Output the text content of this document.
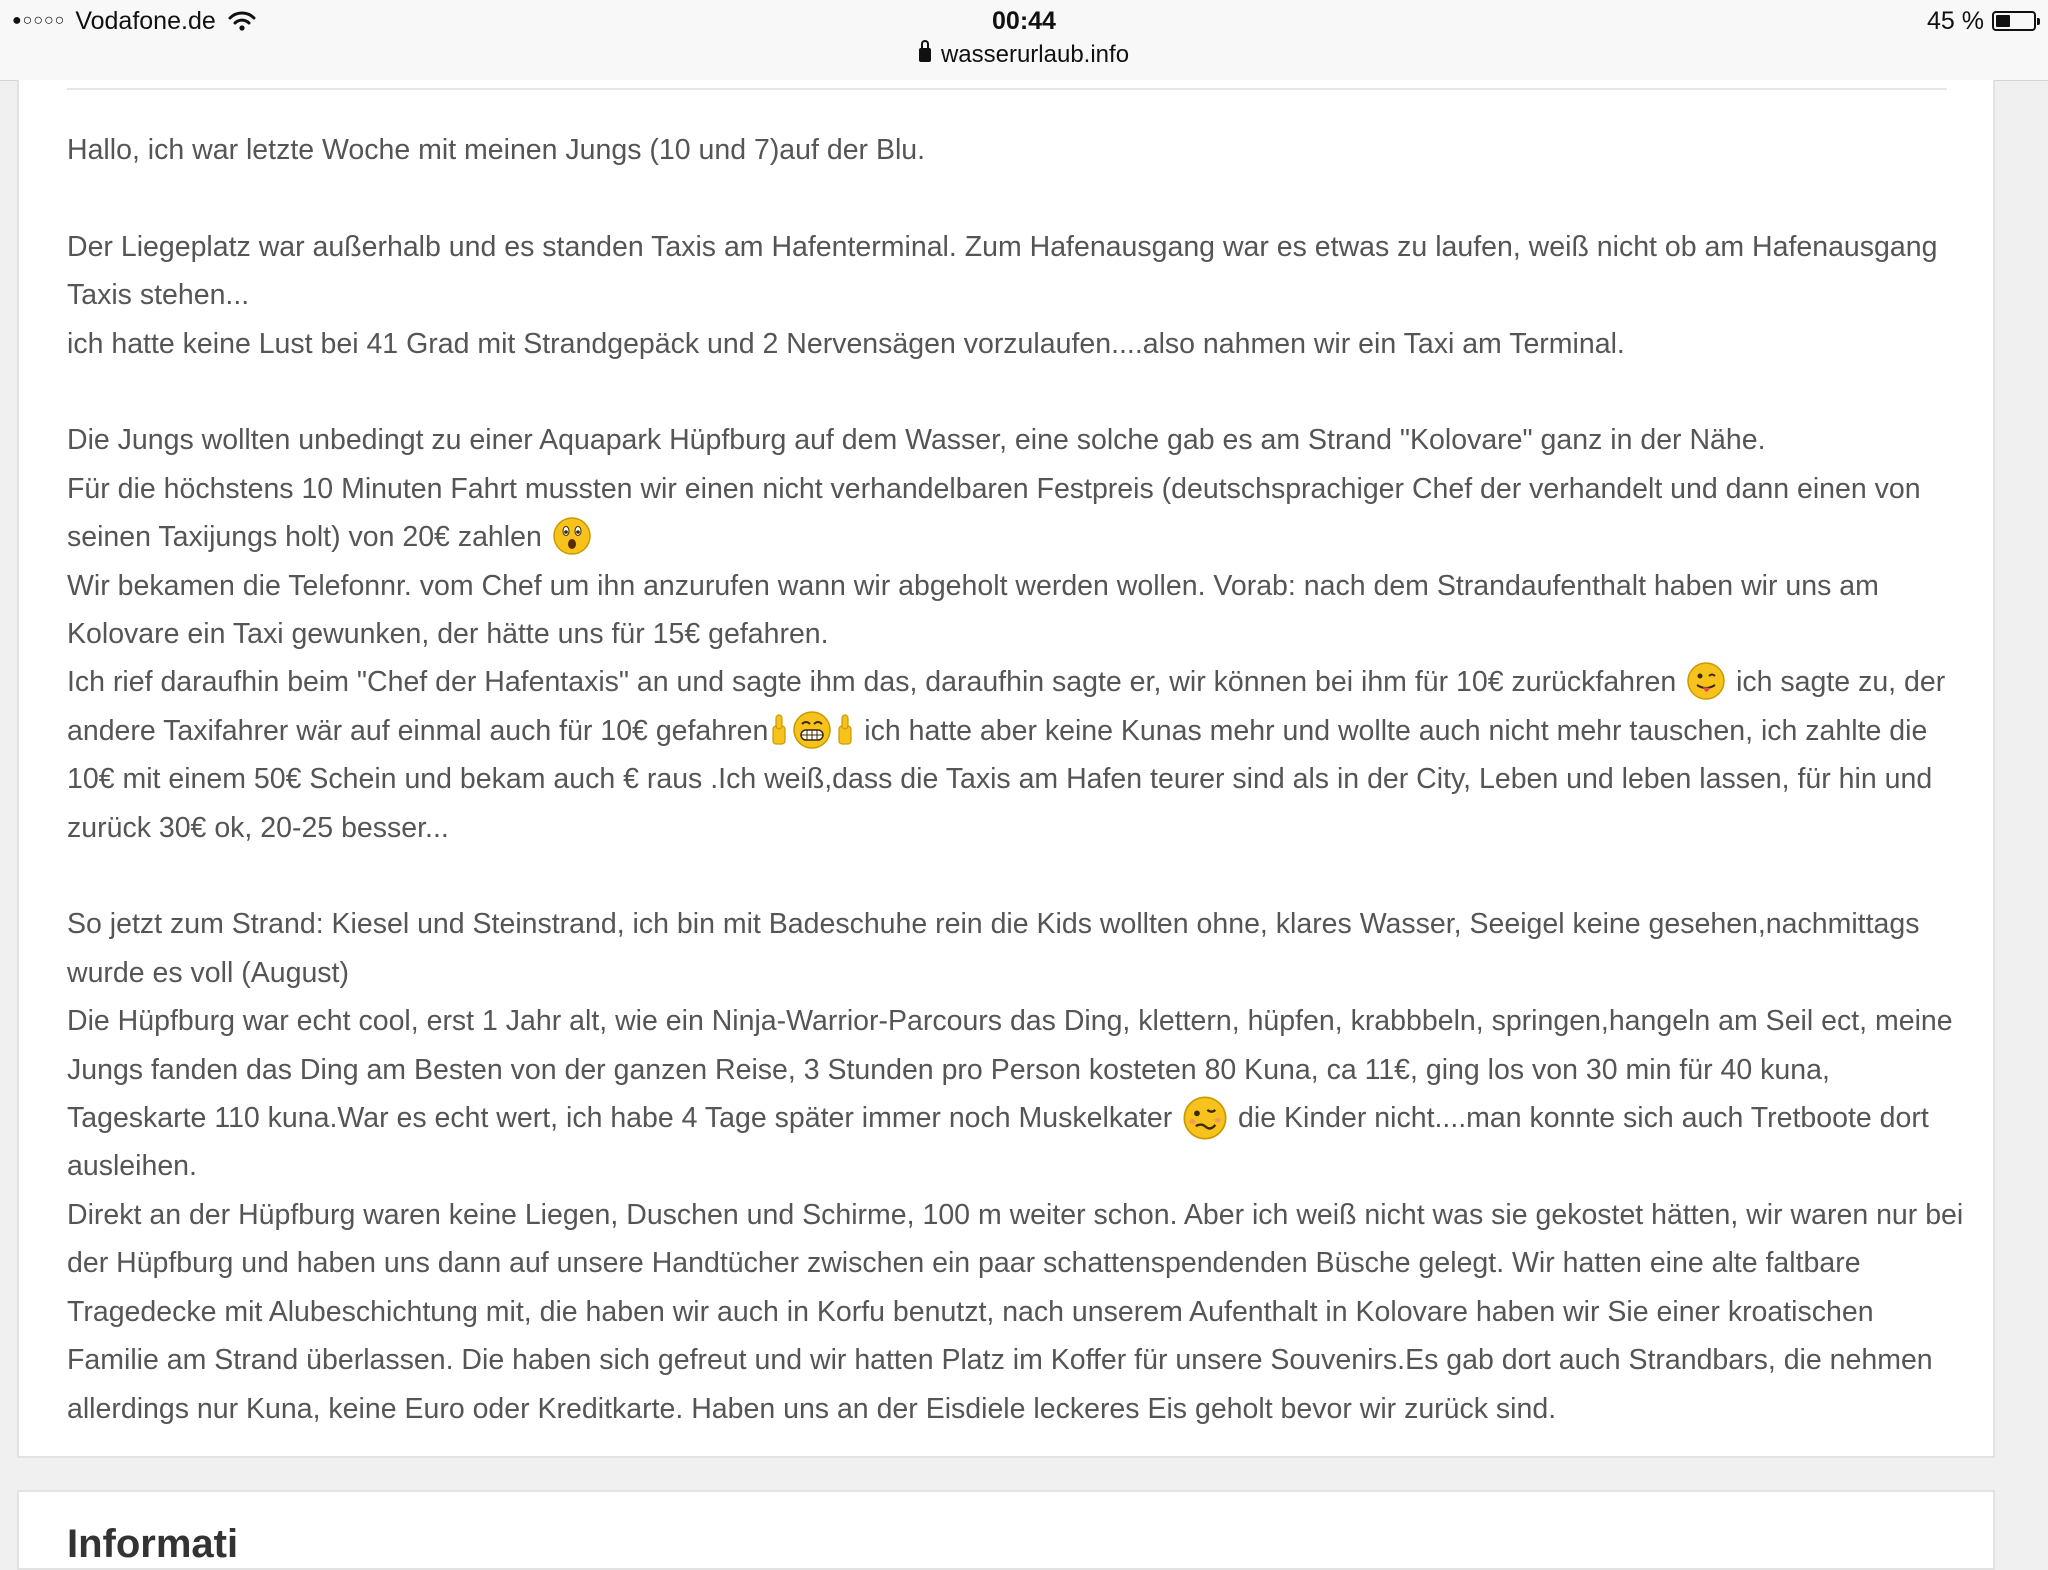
●○○○○ Vodafone.de	00:44
wasserurlaub.info
45 %

Hallo, ich war letzte Woche mit meinen Jungs (10 und 7)auf der Blu.

Der Liegeplatz war außerhalb und es standen Taxis am Hafenterminal. Zum Hafenausgang war es etwas zu laufen, weiß nicht ob am Hafenausgang Taxis stehen...

ich hatte keine Lust bei 41 Grad mit Strandgepäck und 2 Nervensägen vorzulaufen....also nahmen wir ein Taxi am Terminal.

Die Jungs wollten unbedingt zu einer Aquapark Hüpfburg auf dem Wasser, eine solche gab es am Strand "Kolovare" ganz in der Nähe.

Für die höchstens 10 Minuten Fahrt mussten wir einen nicht verhandelbaren Festpreis (deutschsprachiger Chef der verhandelt und dann einen von seinen Taxijungs holt) von 20€ zahlen

Wir bekamen die Telefonnr. vom Chef um ihn anzurufen wann wir abgeholt werden wollen. Vorab: nach dem Strandaufenthalt haben wir uns am Kolovare ein Taxi gewunken, der hätte uns für 15€ gefahren.

Ich rief daraufhin beim "Chef der Hafentaxis" an und sagte ihm das, daraufhin sagte er, wir können bei ihm für 10€ zurückfahren ich sagte zu, der andere Taxifahrer wär auf einmal auch für 10€ gefahren	ich hatte aber keine Kunas mehr und wollte auch nicht mehr tauschen, ich zahlte die 10€ mit einem 50€ Schein und bekam auch € raus .Ich weiß,dass die Taxis am Hafen teurer sind als in der City, Leben und leben lassen, für hin und zurück 30€ ok, 20-25 besser...

So jetzt zum Strand: Kiesel und Steinstrand, ich bin mit Badeschuhe rein die Kids wollten ohne, klares Wasser, Seeigel keine gesehen,nachmittags wurde es voll (August)

Die Hüpfburg war echt cool, erst 1 Jahr alt, wie ein Ninja-Warrior-Parcours das Ding, klettern, hüpfen, krabbbeln, springen,hangeln am Seil ect, meine Jungs fanden das Ding am Besten von der ganzen Reise, 3 Stunden pro Person kosteten 80 Kuna, ca 11€, ging los von 30 min für 40 kuna, Tageskarte 110 kuna.War es echt wert, ich habe 4 Tage später immer noch Muskelkater die Kinder nicht....man konnte sich auch Tretboote dort ausleihen.

Direkt an der Hüpfburg waren keine Liegen, Duschen und Schirme, 100 m weiter schon. Aber ich weiß nicht was sie gekostet hätten, wir waren nur bei der Hüpfburg und haben uns dann auf unsere Handtücher zwischen ein paar schattenspendenden Büsche gelegt. Wir hatten eine alte faltbare Tragedecke mit Alubeschichtung mit, die haben wir auch in Korfu benutzt, nach unserem Aufenthalt in Kolovare haben wir Sie einer kroatischen Familie am Strand überlassen. Die haben sich gefreut und wir hatten Platz im Koffer für unsere Souvenirs.Es gab dort auch Strandbars, die nehmen allerdings nur Kuna, keine Euro oder Kreditkarte. Haben uns an der Eisdiele leckeres Eis geholt bevor wir zurück sind.

Informati
